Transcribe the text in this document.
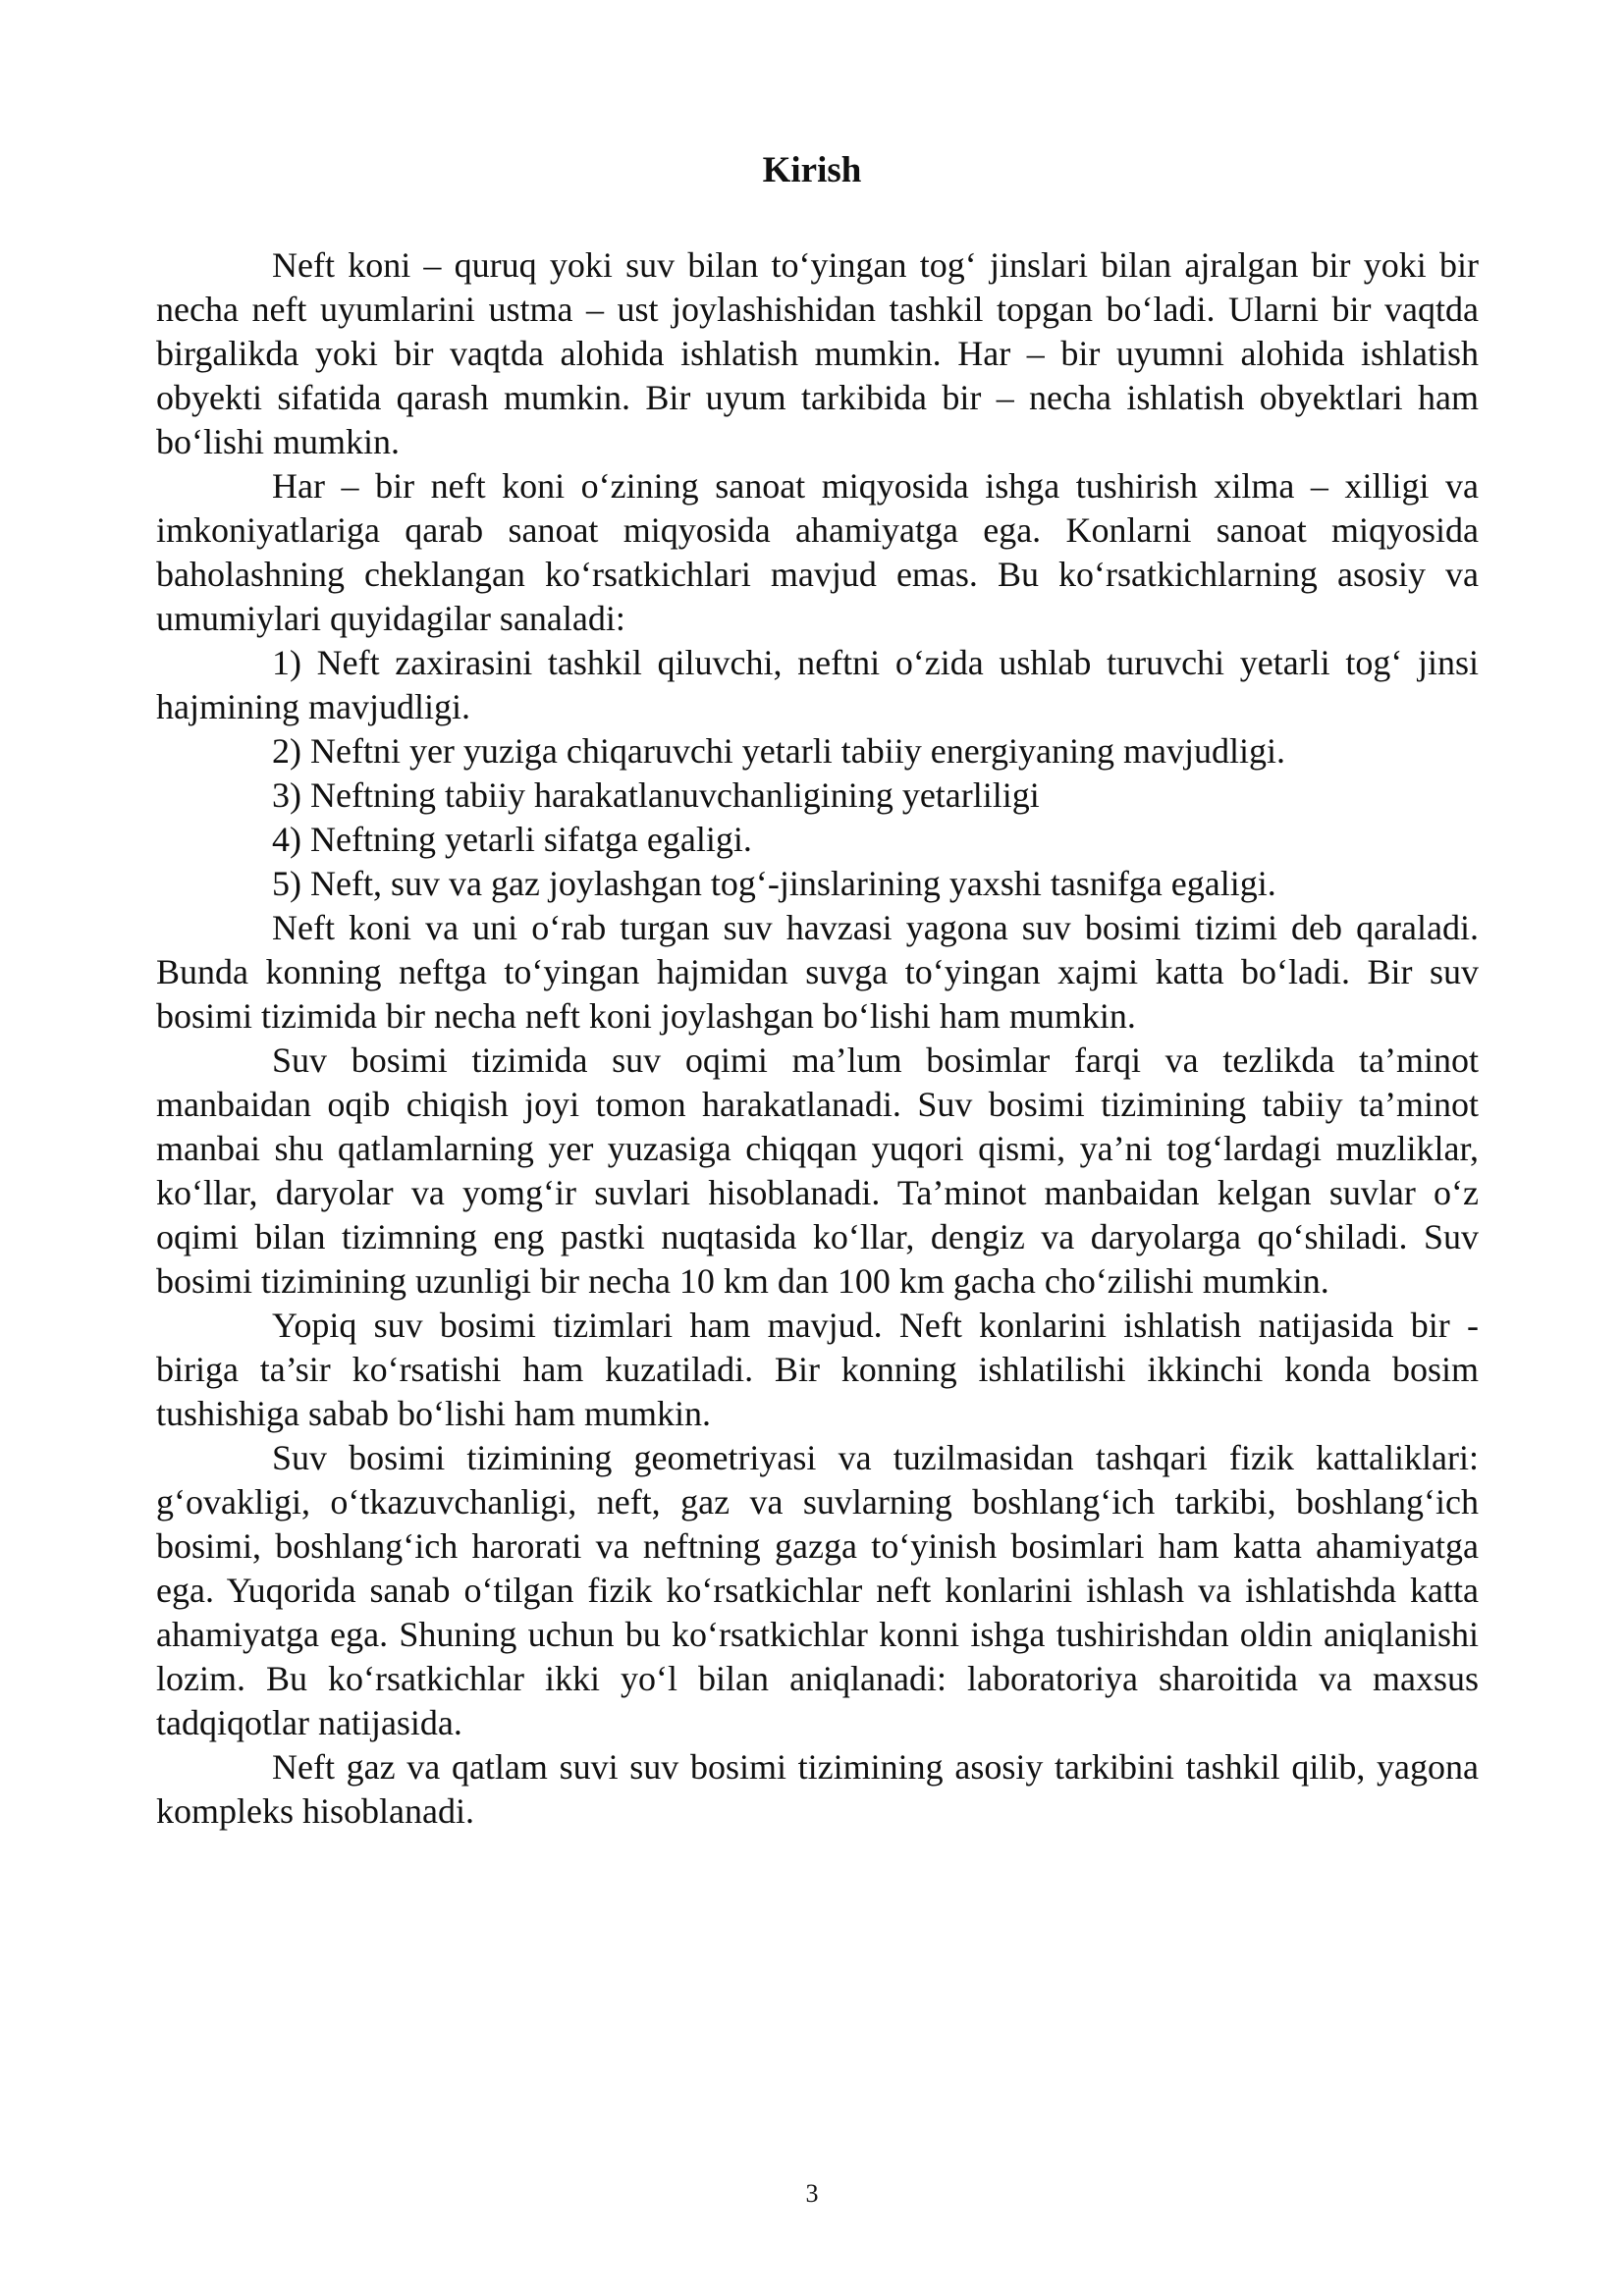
Kirish

Neft koni – quruq yoki suv bilan to‘yingan tog‘ jinslari bilan ajralgan bir yoki bir necha neft uyumlarini ustma – ust joylashishidan tashkil topgan bo‘ladi. Ularni bir vaqtda birgalikda yoki bir vaqtda alohida ishlatish mumkin. Har – bir uyumni alohida ishlatish obyekti sifatida qarash mumkin. Bir uyum tarkibida bir – necha ishlatish obyektlari ham bo‘lishi mumkin.

Har – bir neft koni o‘zining sanoat miqyosida ishga tushirish xilma – xilligi va imkoniyatlariga qarab sanoat miqyosida ahamiyatga ega. Konlarni sanoat miqyosida baholashning cheklangan ko‘rsatkichlari mavjud emas. Bu ko‘rsatkichlarning asosiy va umumiylari quyidagilar sanaladi:

1) Neft zaxirasini tashkil qiluvchi, neftni o‘zida ushlab turuvchi yetarli tog‘ jinsi hajmining mavjudligi.

2) Neftni yer yuziga chiqaruvchi yetarli tabiiy energiyaning mavjudligi.

3) Neftning tabiiy harakatlanuvchanligining yetarliligi

4) Neftning yetarli sifatga egaligi.

5) Neft, suv va gaz joylashgan tog‘-jinslarining yaxshi tasnifga egaligi.

Neft koni va uni o‘rab turgan suv havzasi yagona suv bosimi tizimi deb qaraladi. Bunda konning neftga to‘yingan hajmidan suvga to‘yingan xajmi katta bo‘ladi. Bir suv bosimi tizimida bir necha neft koni joylashgan bo‘lishi ham mumkin.

Suv bosimi tizimida suv oqimi ma’lum bosimlar farqi va tezlikda ta’minot manbaidan oqib chiqish joyi tomon harakatlanadi. Suv bosimi tizimining tabiiy ta’minot manbai shu qatlamlarning yer yuzasiga chiqqan yuqori qismi, ya’ni tog‘lardagi muzliklar, ko‘llar, daryolar va yomg‘ir suvlari hisoblanadi. Ta’minot manbaidan kelgan suvlar o‘z oqimi bilan tizimning eng pastki nuqtasida ko‘llar, dengiz va daryolarga qo‘shiladi. Suv bosimi tizimining uzunligi bir necha 10 km dan 100 km gacha cho‘zilishi mumkin.

Yopiq suv bosimi tizimlari ham mavjud. Neft konlarini ishlatish natijasida bir - biriga ta’sir ko‘rsatishi ham kuzatiladi. Bir konning ishlatilishi ikkinchi konda bosim tushishiga sabab bo‘lishi ham mumkin.

Suv bosimi tizimining geometriyasi va tuzilmasidan tashqari fizik kattaliklari: g‘ovakligi, o‘tkazuvchanligi, neft, gaz va suvlarning boshlang‘ich tarkibi, boshlang‘ich bosimi, boshlang‘ich harorati va neftning gazga to‘yinish bosimlari ham katta ahamiyatga ega. Yuqorida sanab o‘tilgan fizik ko‘rsatkichlar neft konlarini ishlash va ishlatishda katta ahamiyatga ega. Shuning uchun bu ko‘rsatkichlar konni ishga tushirishdan oldin aniqlanishi lozim. Bu ko‘rsatkichlar ikki yo‘l bilan aniqlanadi: laboratoriya sharoitida va maxsus tadqiqotlar natijasida.

Neft gaz va qatlam suvi suv bosimi tizimining asosiy tarkibini tashkil qilib, yagona kompleks hisoblanadi.

3
